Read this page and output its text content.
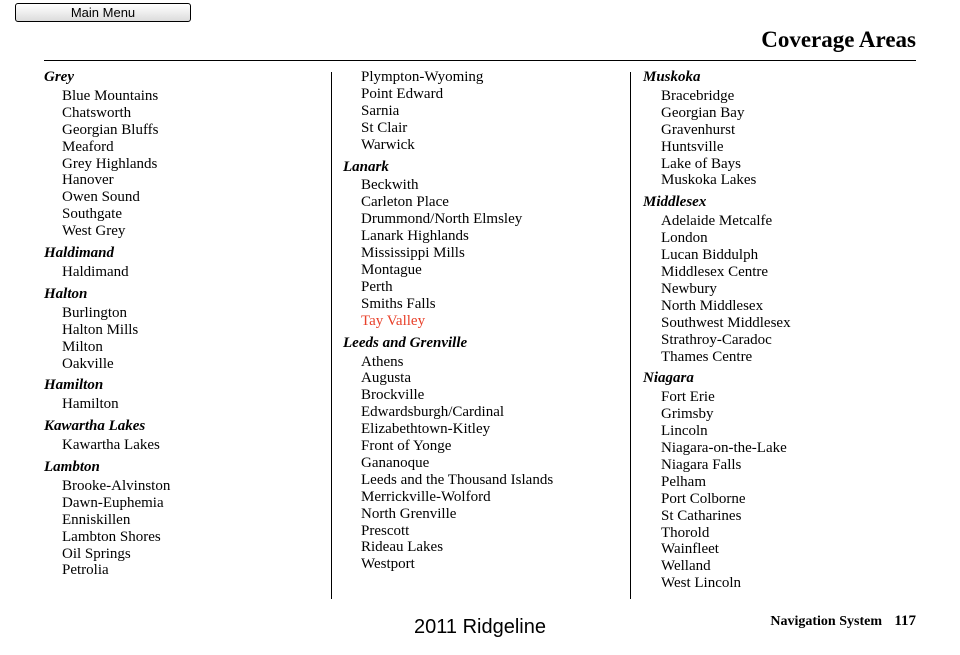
Main Menu
Coverage Areas
Grey
Blue Mountains
Chatsworth
Georgian Bluffs
Meaford
Grey Highlands
Hanover
Owen Sound
Southgate
West Grey
Haldimand
Haldimand
Halton
Burlington
Halton Mills
Milton
Oakville
Hamilton
Hamilton
Kawartha Lakes
Kawartha Lakes
Lambton
Brooke-Alvinston
Dawn-Euphemia
Enniskillen
Lambton Shores
Oil Springs
Petrolia
Plympton-Wyoming
Point Edward
Sarnia
St Clair
Warwick
Lanark
Beckwith
Carleton Place
Drummond/North Elmsley
Lanark Highlands
Mississippi Mills
Montague
Perth
Smiths Falls
Tay Valley
Leeds and Grenville
Athens
Augusta
Brockville
Edwardsburgh/Cardinal
Elizabethtown-Kitley
Front of Yonge
Gananoque
Leeds and the Thousand Islands
Merrickville-Wolford
North Grenville
Prescott
Rideau Lakes
Westport
Muskoka
Bracebridge
Georgian Bay
Gravenhurst
Huntsville
Lake of Bays
Muskoka Lakes
Middlesex
Adelaide Metcalfe
London
Lucan Biddulph
Middlesex Centre
Newbury
North Middlesex
Southwest Middlesex
Strathroy-Caradoc
Thames Centre
Niagara
Fort Erie
Grimsby
Lincoln
Niagara-on-the-Lake
Niagara Falls
Pelham
Port Colborne
St Catharines
Thorold
Wainfleet
Welland
West Lincoln
Navigation System 117
2011 Ridgeline
